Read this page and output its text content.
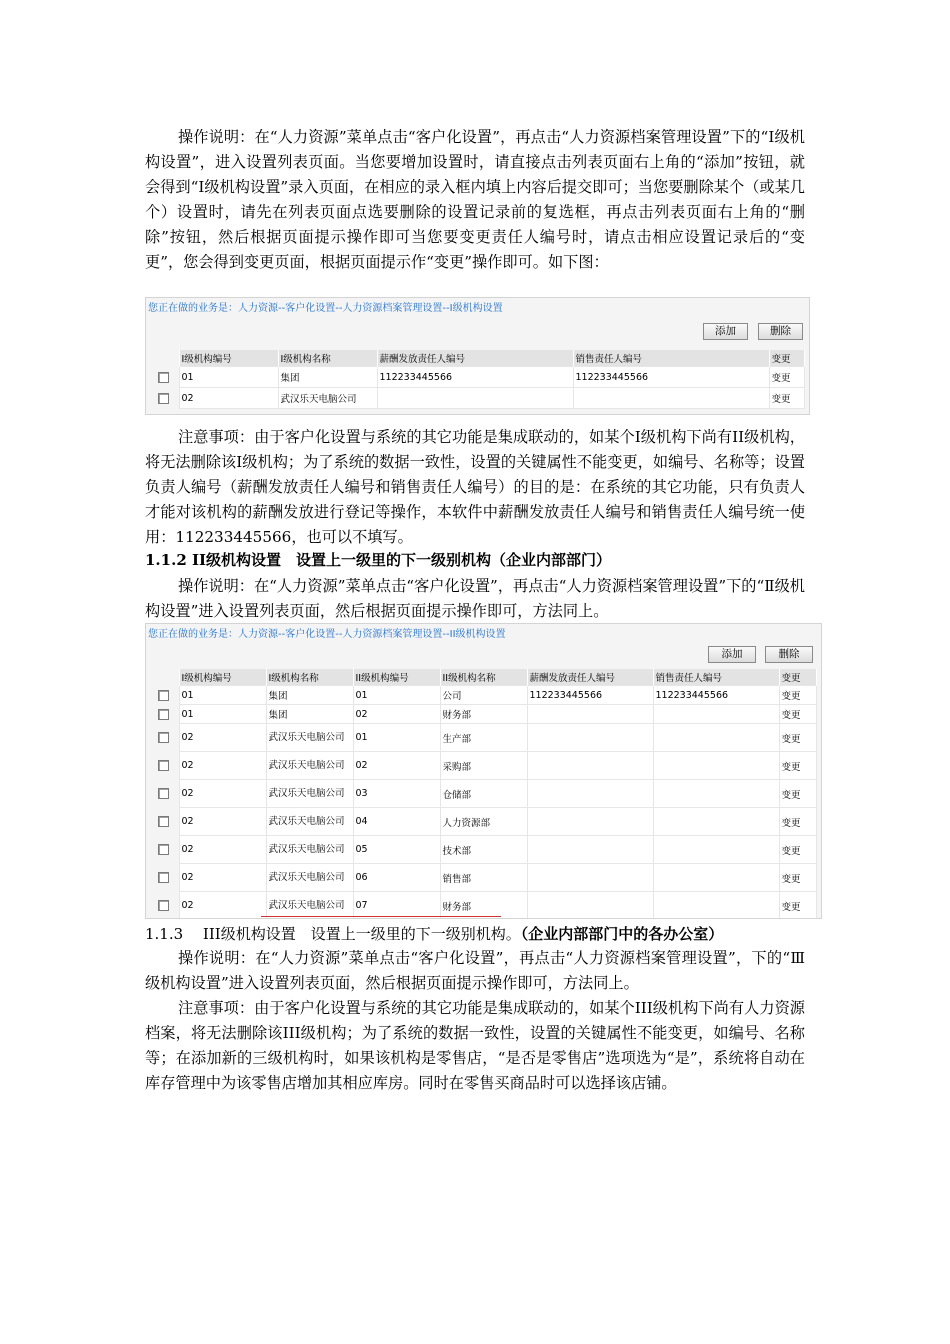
操作说明：在“人力资源”菜单点击“客户化设置”，再点击“人力资源档案管理设置”下的“Ⅰ级机构设置”，进入设置列表页面。当您要增加设置时，请直接点击列表页面右上角的“添加”按钮，就会得到“Ⅰ级机构设置”录入页面，在相应的录入框内填上内容后提交即可；当您要删除某个（或某几个）设置时，请先在列表页面点选要删除的设置记录前的复选框，再点击列表页面右上角的“删除”按钮，然后根据页面提示操作即可当您要变更责任人编号时，请点击相应设置记录后的“变更”，您会得到变更页面，根据页面提示作“变更”操作即可。如下图：

您正在做的业务是：人力资源--客户化设置--人力资源档案管理设置--I级机构设置
添加	删除
	I级机构编号	I级机构名称	薪酬发放责任人编号	销售责任人编号	变更
	01	集团	112233445566	112233445566	变更
	02	武汉乐天电脑公司			变更

注意事项：由于客户化设置与系统的其它功能是集成联动的，如某个Ⅰ级机构下尚有II级机构，将无法删除该Ⅰ级机构；为了系统的数据一致性，设置的关键属性不能变更，如编号、名称等；设置负责人编号（薪酬发放责任人编号和销售责任人编号）的目的是：在系统的其它功能，只有负责人才能对该机构的薪酬发放进行登记等操作，本软件中薪酬发放责任人编号和销售责任人编号统一使用：112233445566，也可以不填写。

1.1.2 II级机构设置　设置上一级里的下一级别机构（企业内部部门）

操作说明：在“人力资源”菜单点击“客户化设置”，再点击“人力资源档案管理设置”下的“Ⅱ级机构设置”进入设置列表页面，然后根据页面提示操作即可，方法同上。

您正在做的业务是：人力资源--客户化设置--人力资源档案管理设置--II级机构设置
添加	删除
	I级机构编号	I级机构名称	II级机构编号	II级机构名称	薪酬发放责任人编号	销售责任人编号	变更
	01	集团	01	公司	112233445566	112233445566	变更
	01	集团	02	财务部			变更
	02	武汉乐天电脑公司	01	生产部			变更
	02	武汉乐天电脑公司	02	采购部			变更
	02	武汉乐天电脑公司	03	仓储部			变更
	02	武汉乐天电脑公司	04	人力资源部			变更
	02	武汉乐天电脑公司	05	技术部			变更
	02	武汉乐天电脑公司	06	销售部			变更
	02	武汉乐天电脑公司	07	财务部			变更

1.1.3　 III级机构设置　设置上一级里的下一级别机构。（企业内部部门中的各办公室）

操作说明：在“人力资源”菜单点击“客户化设置”，再点击“人力资源档案管理设置”，下的“Ⅲ级机构设置”进入设置列表页面，然后根据页面提示操作即可，方法同上。

注意事项：由于客户化设置与系统的其它功能是集成联动的，如某个III级机构下尚有人力资源档案，将无法删除该III级机构；为了系统的数据一致性，设置的关键属性不能变更，如编号、名称等；在添加新的三级机构时，如果该机构是零售店，“是否是零售店”选项选为“是”，系统将自动在库存管理中为该零售店增加其相应库房。同时在零售买商品时可以选择该店铺。
